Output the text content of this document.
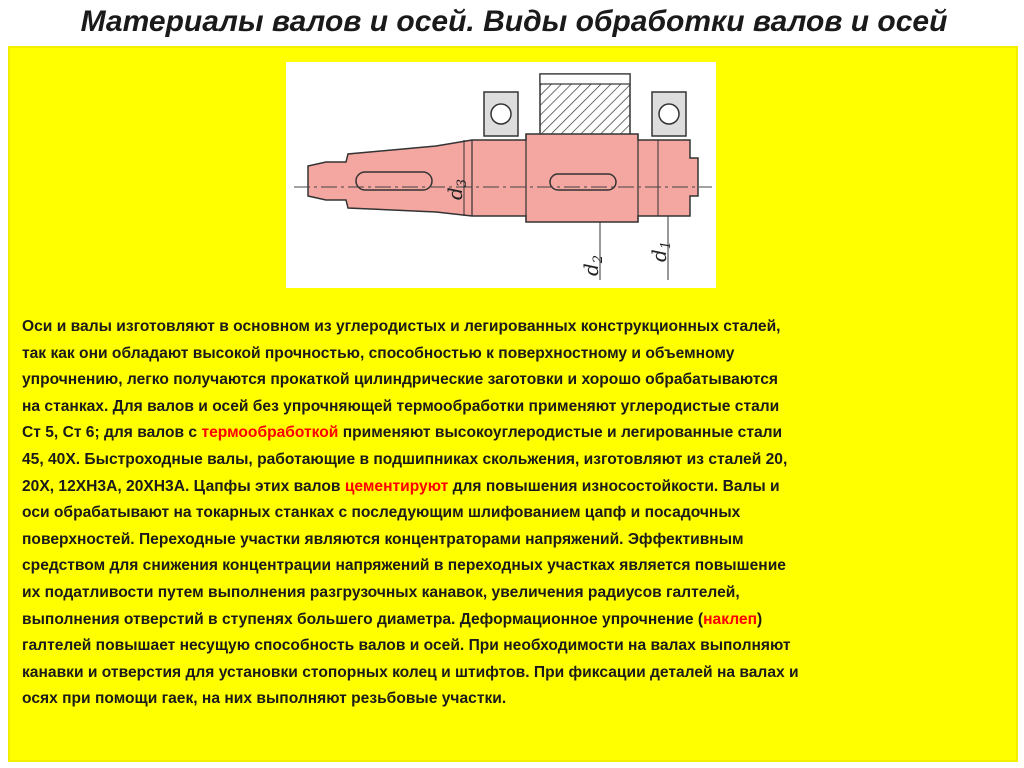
Материалы валов и осей. Виды обработки валов и осей
$d_3$
$d_2$ $d_1$
Оси и валы изготовляют в основном из углеродистых и легированных конструкционных сталей,
так как они обладают высокой прочностью, способностью к поверхностному и объемному
упрочнению, легко получаются прокаткой цилиндрические заготовки и хорошо обрабатываются
на станках. Для валов и осей без упрочняющей термообработки применяют углеродистые стали
Ст 5, Ст 6; для валов с термообработкой применяют высокоуглеродистые и легированные стали
45, 40Х. Быстроходные валы, работающие в подшипниках скольжения, изготовляют из сталей 20,
20Х, 12ХН3А, 20ХН3А. Цапфы этих валов цементируют для повышения износостойкости. Валы и
оси обрабатывают на токарных станках с последующим шлифованием цапф и посадочных
поверхностей. Переходные участки являются концентраторами напряжений. Эффективным
средством для снижения концентрации напряжений в переходных участках является повышение
их податливости путем выполнения разгрузочных канавок, увеличения радиусов галтелей,
выполнения отверстий в ступенях большего диаметра. Деформационное упрочнение (наклеп)
галтелей повышает несущую способность валов и осей. При необходимости на валах выполняют
канавки и отверстия для установки стопорных колец и штифтов. При фиксации деталей на валах и
осях при помощи гаек, на них выполняют резьбовые участки.
